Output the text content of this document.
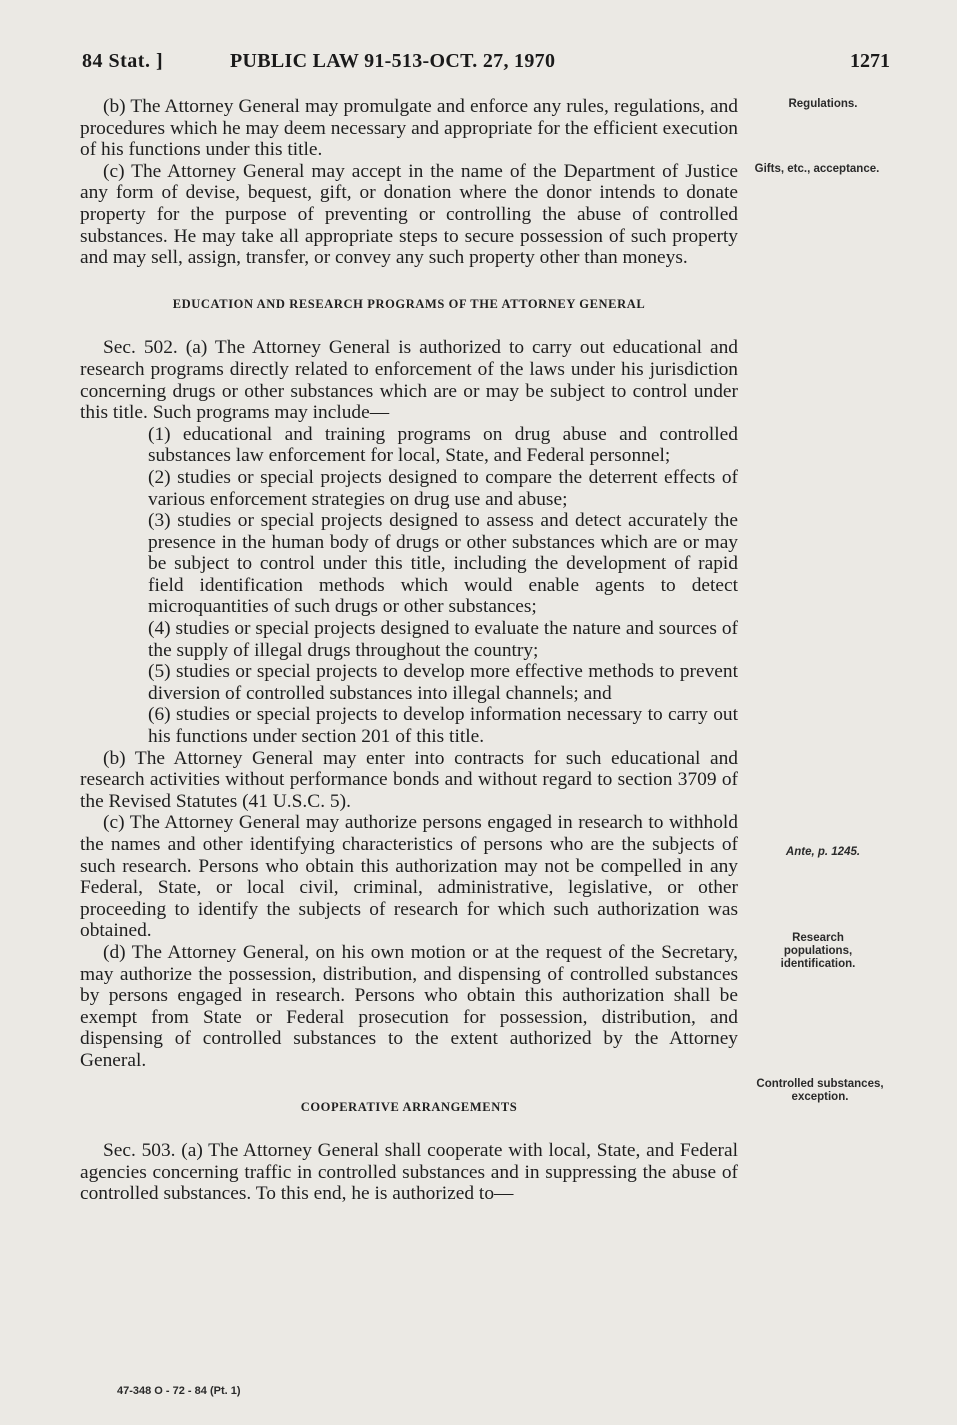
84 Stat. ]	PUBLIC LAW 91-513-OCT. 27, 1970	1271

(b) The Attorney General may promulgate and enforce any rules, regulations, and procedures which he may deem necessary and appropriate for the efficient execution of his functions under this title.

(c) The Attorney General may accept in the name of the Department of Justice any form of devise, bequest, gift, or donation where the donor intends to donate property for the purpose of preventing or controlling the abuse of controlled substances. He may take all appropriate steps to secure possession of such property and may sell, assign, transfer, or convey any such property other than moneys.

EDUCATION AND RESEARCH PROGRAMS OF THE ATTORNEY GENERAL

Sec. 502. (a) The Attorney General is authorized to carry out educational and research programs directly related to enforcement of the laws under his jurisdiction concerning drugs or other substances which are or may be subject to control under this title. Such programs may include—

(1) educational and training programs on drug abuse and controlled substances law enforcement for local, State, and Federal personnel;

(2) studies or special projects designed to compare the deterrent effects of various enforcement strategies on drug use and abuse;

(3) studies or special projects designed to assess and detect accurately the presence in the human body of drugs or other substances which are or may be subject to control under this title, including the development of rapid field identification methods which would enable agents to detect microquantities of such drugs or other substances;

(4) studies or special projects designed to evaluate the nature and sources of the supply of illegal drugs throughout the country;

(5) studies or special projects to develop more effective methods to prevent diversion of controlled substances into illegal channels; and

(6) studies or special projects to develop information necessary to carry out his functions under section 201 of this title.

(b) The Attorney General may enter into contracts for such educational and research activities without performance bonds and without regard to section 3709 of the Revised Statutes (41 U.S.C. 5).

(c) The Attorney General may authorize persons engaged in research to withhold the names and other identifying characteristics of persons who are the subjects of such research. Persons who obtain this authorization may not be compelled in any Federal, State, or local civil, criminal, administrative, legislative, or other proceeding to identify the subjects of research for which such authorization was obtained.

(d) The Attorney General, on his own motion or at the request of the Secretary, may authorize the possession, distribution, and dispensing of controlled substances by persons engaged in research. Persons who obtain this authorization shall be exempt from State or Federal prosecution for possession, distribution, and dispensing of controlled substances to the extent authorized by the Attorney General.

COOPERATIVE ARRANGEMENTS

Sec. 503. (a) The Attorney General shall cooperate with local, State, and Federal agencies concerning traffic in controlled substances and in suppressing the abuse of controlled substances. To this end, he is authorized to—

Regulations.
Gifts, etc., acceptance.
Ante, p. 1245.
Research populations, identification.
Controlled substances, exception.
47-348 O - 72 - 84 (Pt. 1)
